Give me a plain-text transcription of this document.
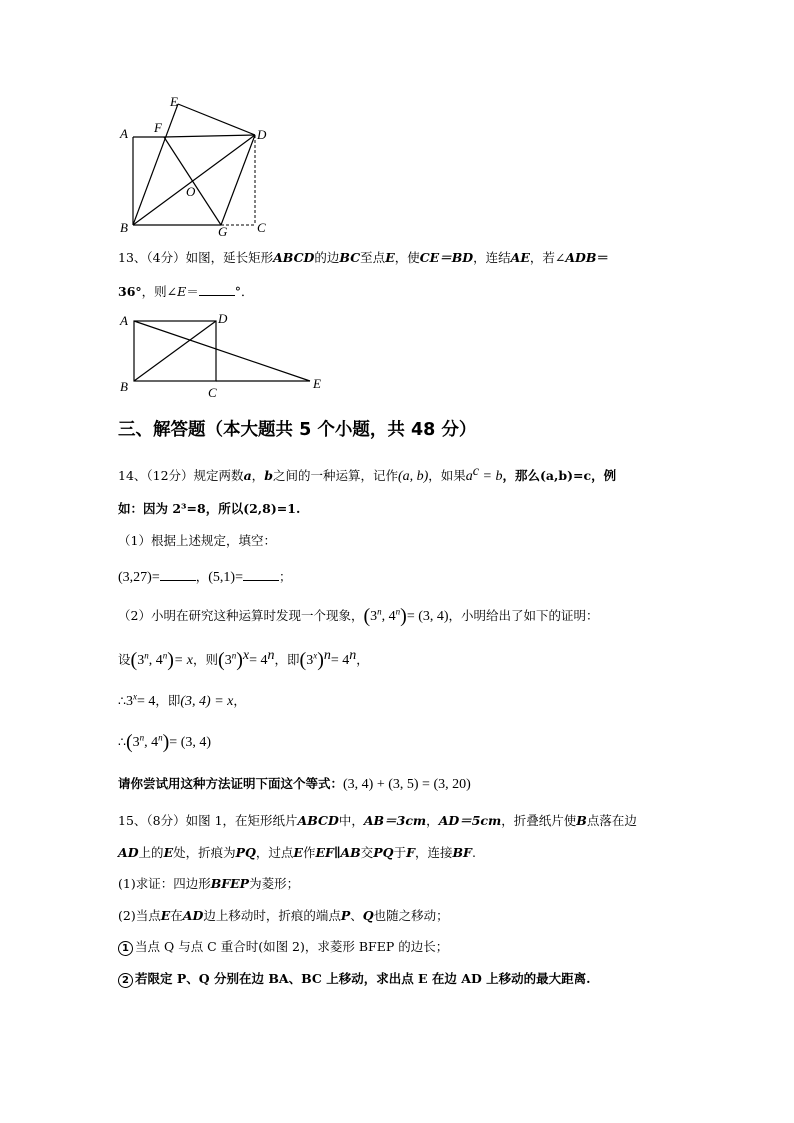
A
B	C
D
E
F
G
O
13、（4分）如图，延长矩形ABCD的边BC至点E，使CE＝BD，连结AE，若∠ADB＝
36°，则∠E＝	°．
A
B	C
D
E
三、解答题（本大题共 5 个小题，共 48 分）
14、（12分）规定两数a，b之间的一种运算，记作(a, b)，如果$a^c = b$，那么(a,b)=c，例
如：因为 2³=8，所以(2,8)=1.
（1）根据上述规定，填空：
(3,27)=	，(5,1)=	；
（2）小明在研究这种运算时发现一个现象，(3$^n$, $4^n)= (3$, 4)，小明给出了如下的证明：
设(3$^n$, $4^n)= x$，则$(3^n)^x= 4^n$，即$(3^x)^n= 4^n$，
$\therefore 3^x= 4$，即(3, 4) = x，
∴(3$^n$, $4^n)= (3$, 4)
请你尝试用这种方法证明下面这个等式：(3, 4) + (3, 5) = (3, 20)
15、（8分）如图 1，在矩形纸片ABCD中，AB＝3cm，AD＝5cm，折叠纸片使B点落在边
AD上的E处，折痕为PQ，过点E作EF∥AB交PQ于F，连接BF.
(1)求证：四边形BFEP为菱形；
(2)当点E在AD边上移动时，折痕的端点P、Q也随之移动；
1 当点 Q 与点 C 重合时(如图 2)，求菱形 BFEP 的边长；
2 若限定 P、Q 分别在边 BA、BC 上移动，求出点 E 在边 AD 上移动的最大距离.
